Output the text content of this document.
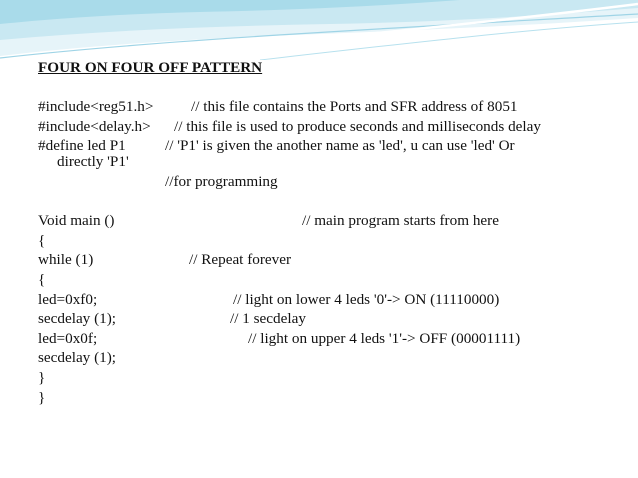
FOUR ON FOUR OFF PATTERN
#include<reg51.h> // this file contains the Ports and SFR address of 8051
#include<delay.h> // this file is used to produce seconds and milliseconds delay
#define led P1	// 'P1' is given the another name as 'led', u can use 'led' Or
directly 'P1'
//for programming
Void main ()	// main program starts from here
{
while (1)	// Repeat forever
{
led=0xf0;	// light on lower 4 leds '0'-> ON (11110000)
secdelay (1);	// 1 secdelay
led=0x0f;	// light on upper 4 leds '1'-> OFF (00001111)
secdelay (1);
}
}
